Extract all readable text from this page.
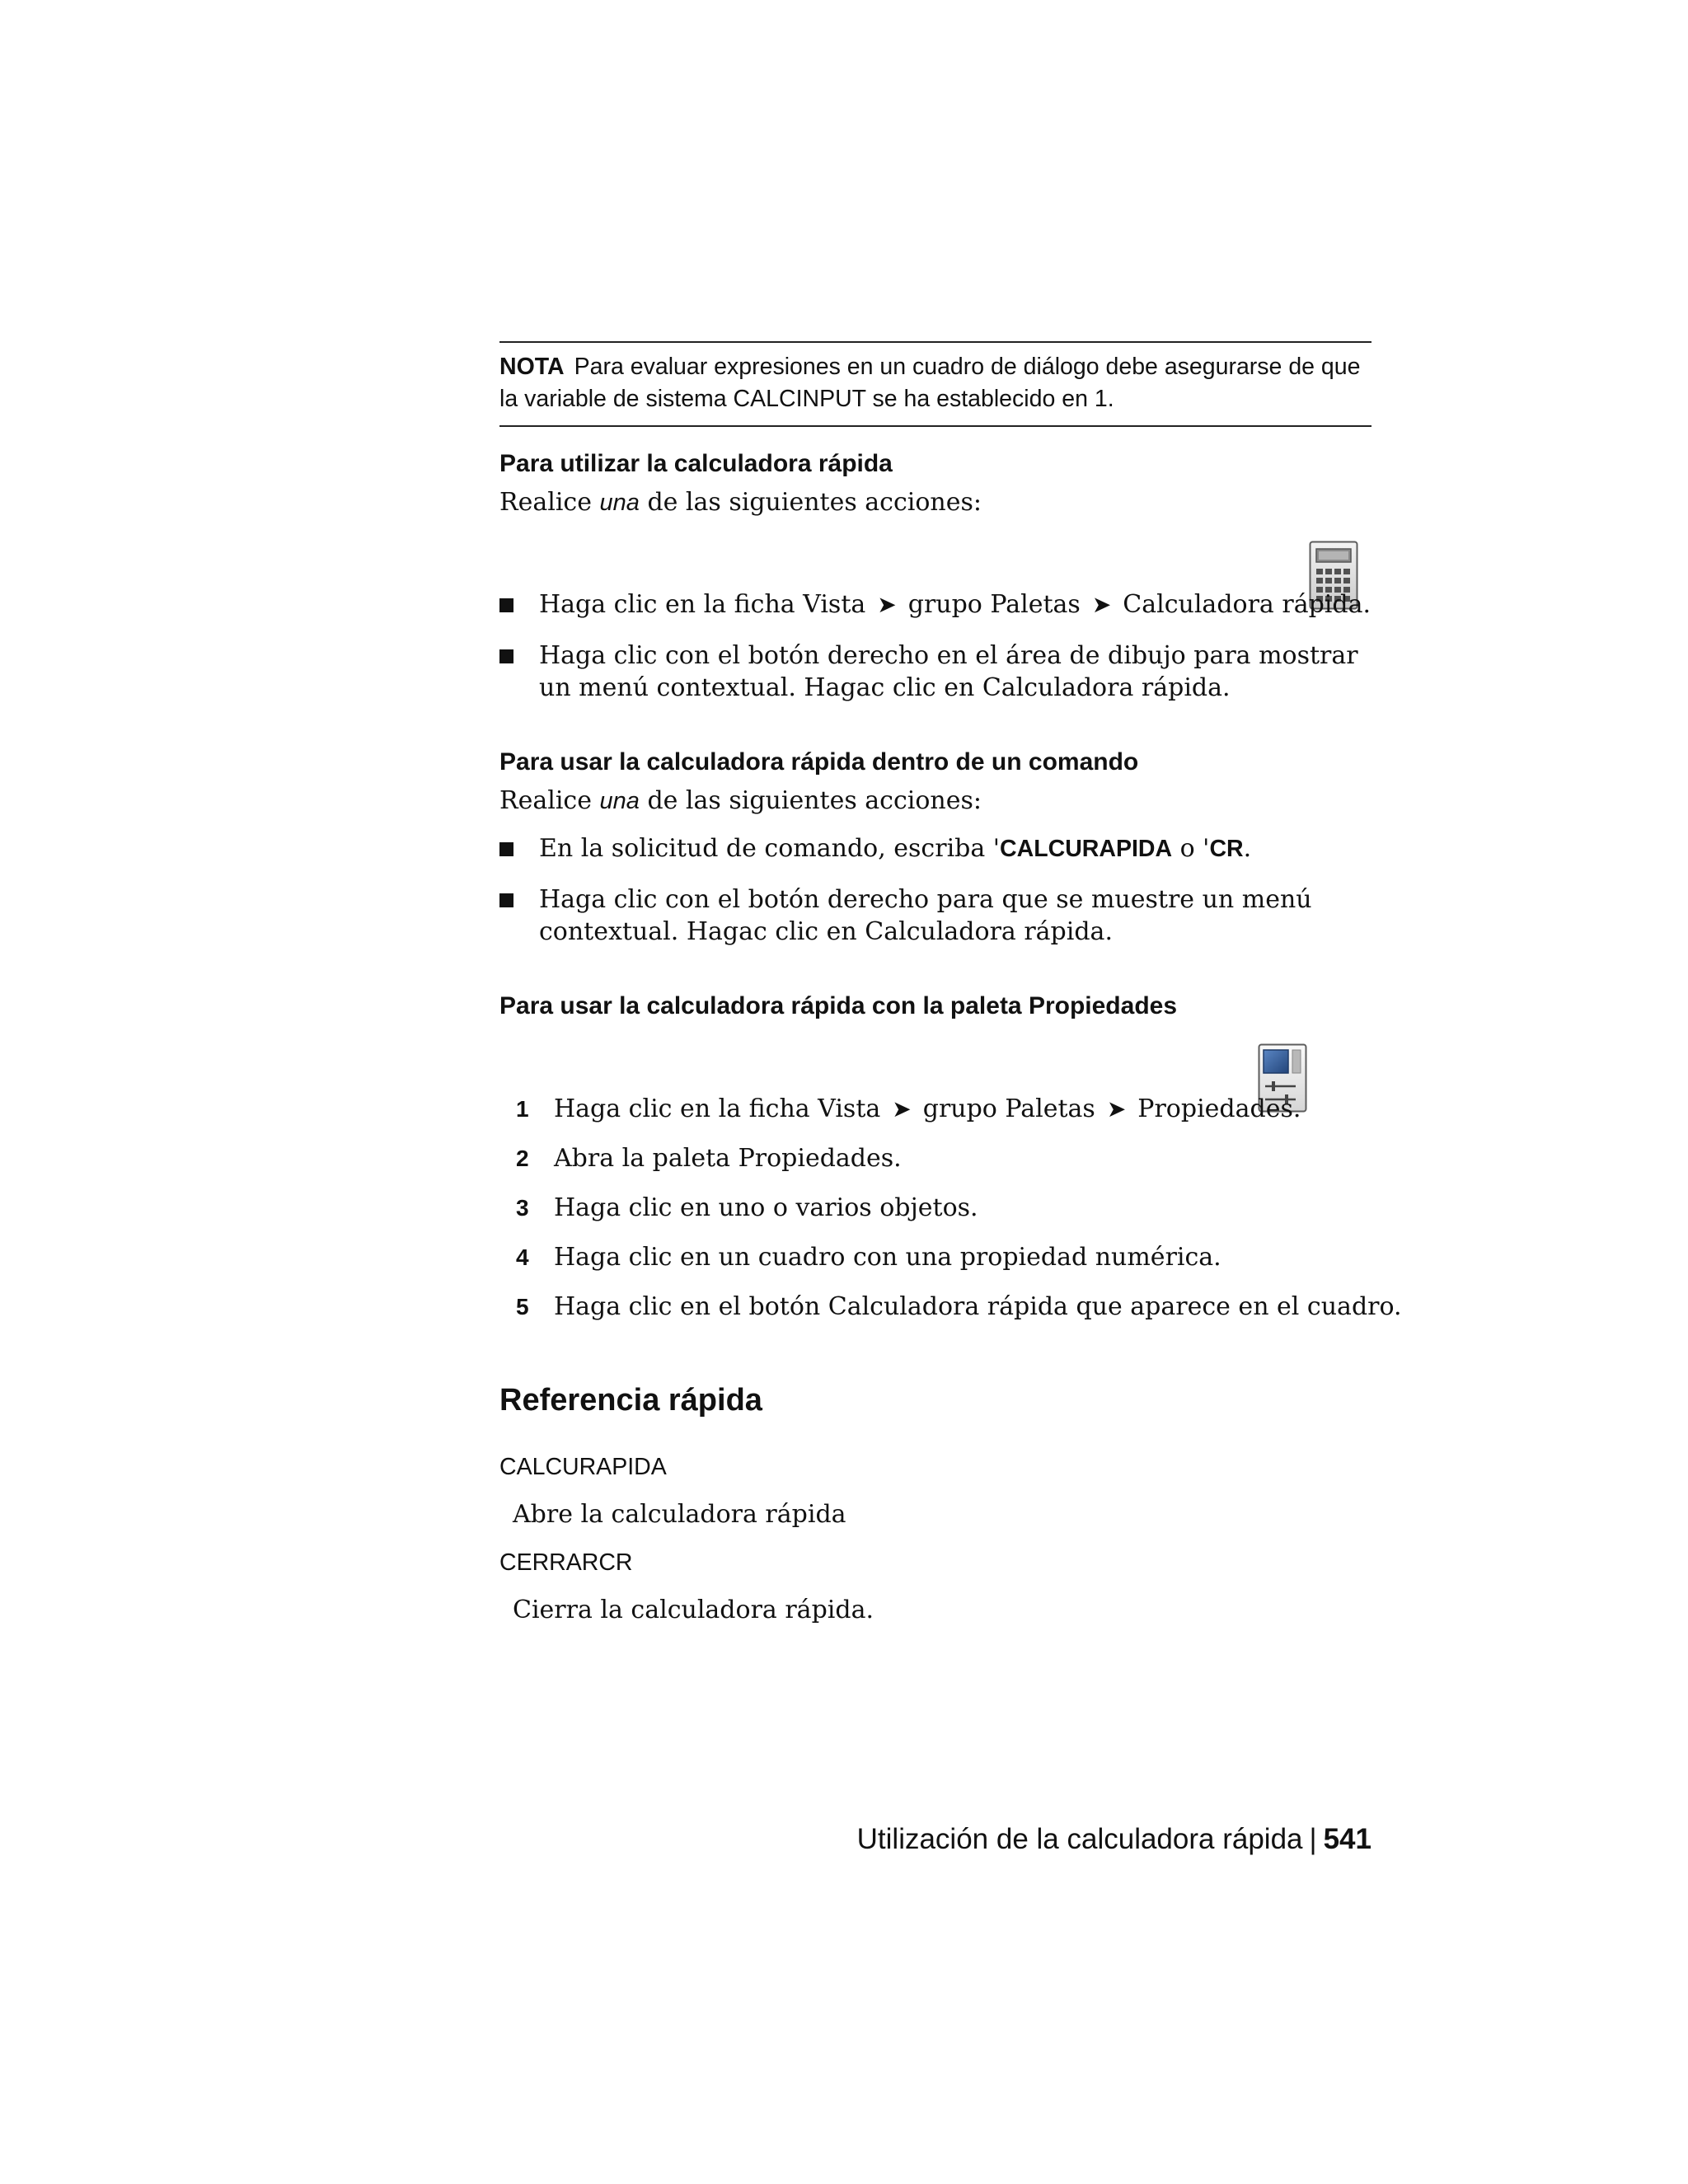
NOTA Para evaluar expresiones en un cuadro de diálogo debe asegurarse de que la variable de sistema CALCINPUT se ha establecido en 1.
Para utilizar la calculadora rápida
Realice una de las siguientes acciones:
Haga clic en la ficha Vista ➤ grupo Paletas ➤ Calculadora rápida.
Haga clic con el botón derecho en el área de dibujo para mostrar un menú contextual. Hagac clic en Calculadora rápida.
Para usar la calculadora rápida dentro de un comando
Realice una de las siguientes acciones:
En la solicitud de comando, escriba 'CALCURAPIDA o 'CR.
Haga clic con el botón derecho para que se muestre un menú contextual. Hagac clic en Calculadora rápida.
Para usar la calculadora rápida con la paleta Propiedades
1 Haga clic en la ficha Vista ➤ grupo Paletas ➤ Propiedades.
2 Abra la paleta Propiedades.
3 Haga clic en uno o varios objetos.
4 Haga clic en un cuadro con una propiedad numérica.
5 Haga clic en el botón Calculadora rápida que aparece en el cuadro.
Referencia rápida
CALCURAPIDA
Abre la calculadora rápida
CERRARCR
Cierra la calculadora rápida.
Utilización de la calculadora rápida | 541
